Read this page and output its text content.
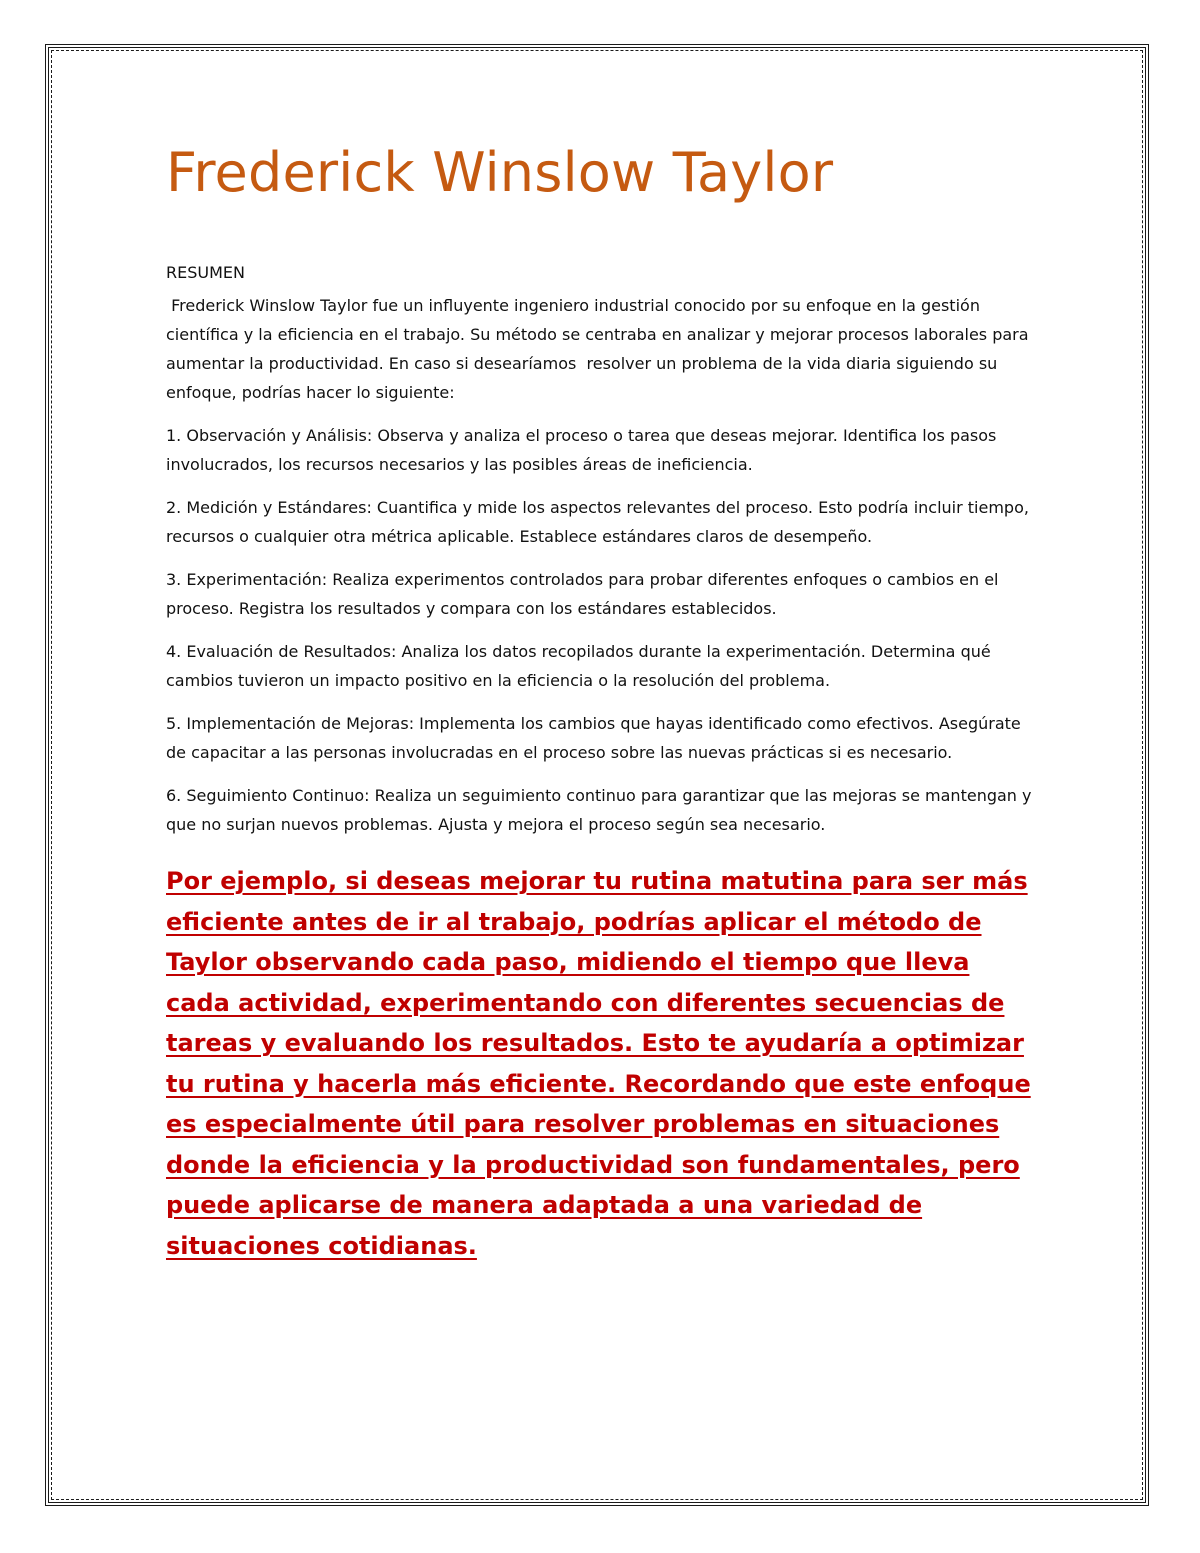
Frederick Winslow Taylor

RESUMEN

Frederick Winslow Taylor fue un influyente ingeniero industrial conocido por su enfoque en la gestión científica y la eficiencia en el trabajo. Su método se centraba en analizar y mejorar procesos laborales para aumentar la productividad. En caso si desearíamos  resolver un problema de la vida diaria siguiendo su enfoque, podrías hacer lo siguiente:

1. Observación y Análisis: Observa y analiza el proceso o tarea que deseas mejorar. Identifica los pasos involucrados, los recursos necesarios y las posibles áreas de ineficiencia.

2. Medición y Estándares: Cuantifica y mide los aspectos relevantes del proceso. Esto podría incluir tiempo, recursos o cualquier otra métrica aplicable. Establece estándares claros de desempeño.

3. Experimentación: Realiza experimentos controlados para probar diferentes enfoques o cambios en el proceso. Registra los resultados y compara con los estándares establecidos.

4. Evaluación de Resultados: Analiza los datos recopilados durante la experimentación. Determina qué cambios tuvieron un impacto positivo en la eficiencia o la resolución del problema.

5. Implementación de Mejoras: Implementa los cambios que hayas identificado como efectivos. Asegúrate de capacitar a las personas involucradas en el proceso sobre las nuevas prácticas si es necesario.

6. Seguimiento Continuo: Realiza un seguimiento continuo para garantizar que las mejoras se mantengan y que no surjan nuevos problemas. Ajusta y mejora el proceso según sea necesario.

Por ejemplo, si deseas mejorar tu rutina matutina para ser más eficiente antes de ir al trabajo, podrías aplicar el método de Taylor observando cada paso, midiendo el tiempo que lleva cada actividad, experimentando con diferentes secuencias de tareas y evaluando los resultados. Esto te ayudaría a optimizar tu rutina y hacerla más eficiente. Recordando que este enfoque es especialmente útil para resolver problemas en situaciones donde la eficiencia y la productividad son fundamentales, pero puede aplicarse de manera adaptada a una variedad de situaciones cotidianas.
